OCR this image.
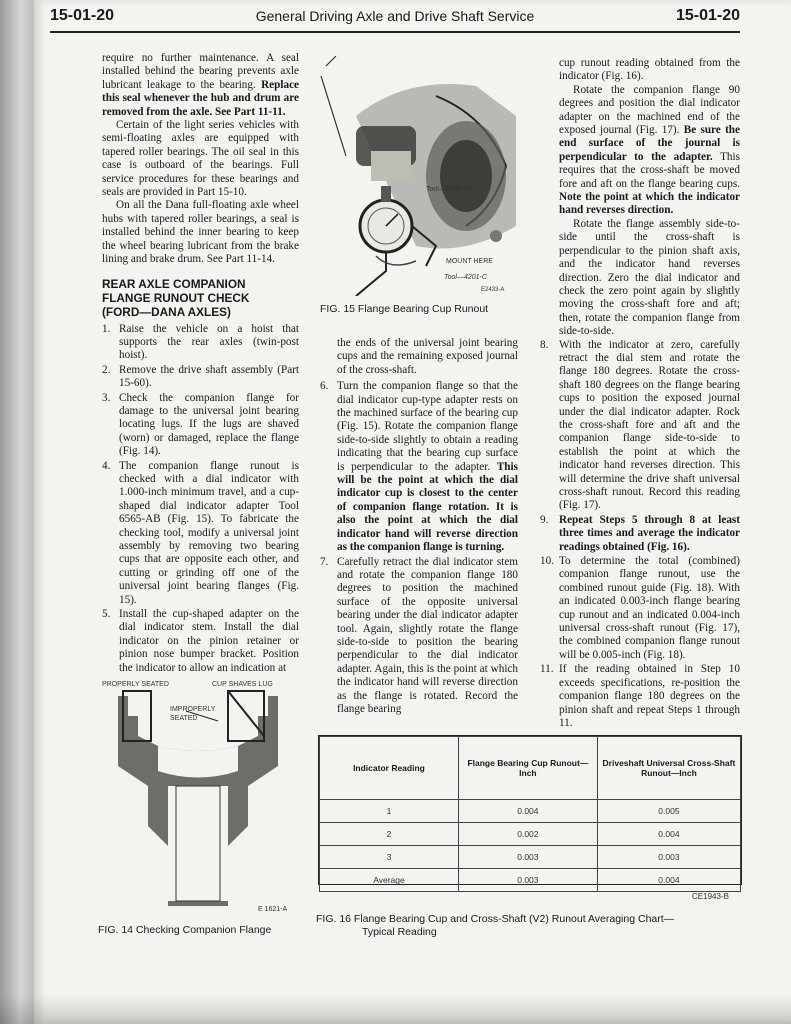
15-01-20	General Driving Axle and Drive Shaft Service	15-01-20

require no further maintenance. A seal installed behind the bearing prevents axle lubricant leakage to the bearing. Replace this seal whenever the hub and drum are removed from the axle. See Part 11-11.

Certain of the light series vehicles with semi-floating axles are equipped with tapered roller bearings. The oil seal in this case is outboard of the bearings. Full service procedures for these bearings and seals are provided in Part 15-10.

On all the Dana full-floating axle wheel hubs with tapered roller bearings, a seal is installed behind the inner bearing to keep the wheel bearing lubricant from the brake lining and brake drum. See Part 11-14.

REAR AXLE COMPANION
FLANGE RUNOUT CHECK
(FORD—DANA AXLES)
1. Raise the vehicle on a hoist that supports the rear axles (twin-post hoist).
2. Remove the drive shaft assembly (Part 15-60).
3. Check the companion flange for damage to the universal joint bearing locating lugs. If the lugs are shaved (worn) or damaged, replace the flange (Fig. 14).
4. The companion flange runout is checked with a dial indicator with 1.000-inch minimum travel, and a cup-shaped dial indicator adapter Tool 6565-AB (Fig. 15). To fabricate the checking tool, modify a universal joint assembly by removing two bearing cups that are opposite each other, and cutting or grinding off one of the universal joint bearing flanges (Fig. 15).
5. Install the cup-shaped adapter on the dial indicator stem. Install the dial indicator on the pinion retainer or pinion nose bumper bracket. Position the indicator to allow an indication at

the ends of the universal joint bearing cups and the remaining exposed journal of the cross-shaft.

6. Turn the companion flange so that the dial indicator cup-type adapter rests on the machined surface of the bearing cup (Fig. 15). Rotate the companion flange side-to-side slightly to obtain a reading indicating that the bearing cup surface is perpendicular to the adapter. This will be the point at which the dial indicator cup is closest to the center of companion flange rotation. It is also the point at which the dial indicator hand will reverse direction as the companion flange is turning.
7. Carefully retract the dial indicator stem and rotate the companion flange 180 degrees to position the machined surface of the opposite universal bearing under the dial indicator adapter tool. Again, slightly rotate the flange side-to-side to position the bearing perpendicular to the dial indicator adapter. Again, this is the point at which the indicator hand will reverse direction as the flange is rotated. Record the flange bearing

cup runout reading obtained from the indicator (Fig. 16).

Rotate the companion flange 90 degrees and position the dial indicator adapter on the machined end of the exposed journal (Fig. 17). Be sure the end surface of the journal is perpendicular to the adapter. This requires that the cross-shaft be moved fore and aft on the flange bearing cups. Note the point at which the indicator hand reverses direction.

Rotate the flange assembly side-to-side until the cross-shaft is perpendicular to the pinion shaft axis, and the indicator hand reverses direction. Zero the dial indicator and check the zero point again by slightly moving the cross-shaft fore and aft; then, rotate the companion flange from side-to-side.

8. With the indicator at zero, carefully retract the dial stem and rotate the flange 180 degrees. Rotate the cross-shaft 180 degrees on the flange bearing cups to position the exposed journal under the dial indicator adapter. Rock the cross-shaft fore and aft and the companion flange side-to-side to establish the point at which the indicator hand reverses direction. This will determine the drive shaft universal cross-shaft runout. Record this reading (Fig. 17).
9. Repeat Steps 5 through 8 at least three times and average the indicator readings obtained (Fig. 16).
10. To determine the total (combined) companion flange runout, use the combined runout guide (Fig. 18). With an indicated 0.003-inch flange bearing cup runout and an indicated 0.004-inch universal cross-shaft runout (Fig. 17), the combined companion flange runout will be 0.005-inch (Fig. 18).
11. If the reading obtained in Step 10 exceeds specifications, re-position the companion flange 180 degrees on the pinion shaft and repeat Steps 1 through 11.
Tool—6565-AB
MOUNT HERE
Tool—4201-C
E2433-A
FIG. 15 Flange Bearing Cup Runout
PROPERLY SEATED	CUP SHAVES LUG
IMPROPERLY
SEATED
E 1621-A
FIG. 14 Checking Companion Flange
Indicator Reading	Flange Bearing Cup Runout—Inch	Driveshaft Universal Cross-Shaft Runout—Inch
1	0.004	0.005
2	0.002	0.004
3	0.003	0.003
Average	0.003	0.004
CE1943-B
FIG. 16 Flange Bearing Cup and Cross-Shaft (V2) Runout Averaging Chart—
Typical Reading
